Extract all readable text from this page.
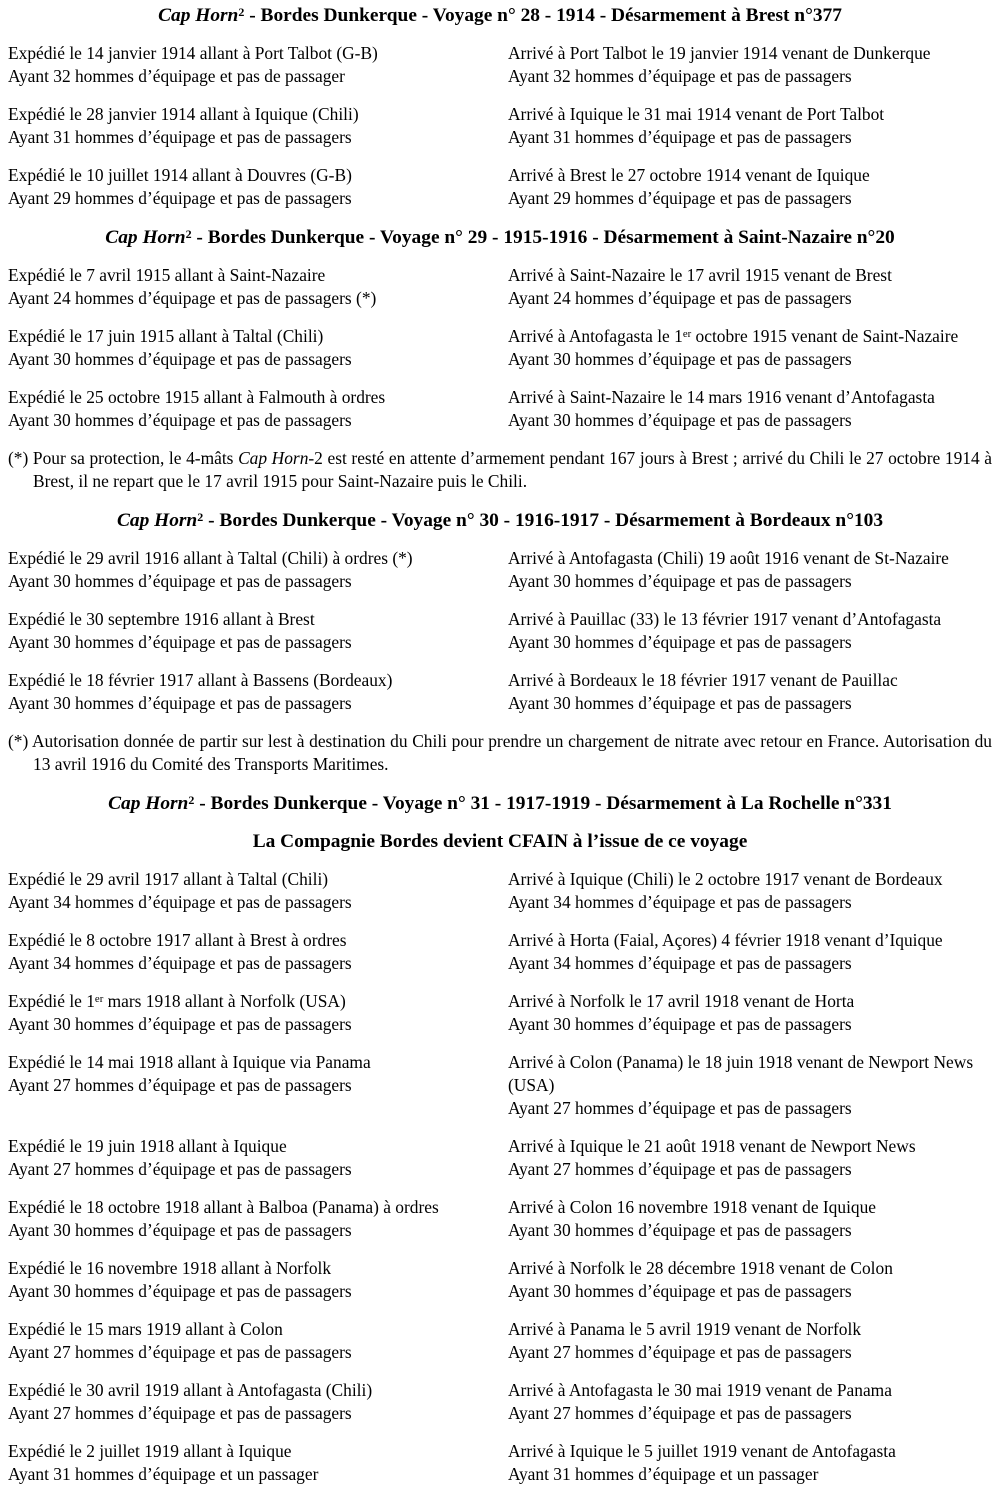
Cap Horn$^2$ - Bordes Dunkerque - Voyage n° 28 - 1914 - Désarmement à Brest n°377

Expédié le 14 janvier 1914 allant à Port Talbot (G-B)

Ayant 32 hommes d’équipage et pas de passager

Arrivé à Port Talbot le 19 janvier 1914 venant de Dunkerque

Ayant 32 hommes d’équipage et pas de passagers

Expédié le 28 janvier 1914 allant à Iquique (Chili)

Ayant 31 hommes d’équipage et pas de passagers

Arrivé à Iquique le 31 mai 1914 venant de Port Talbot

Ayant 31 hommes d’équipage et pas de passagers

Expédié le 10 juillet 1914 allant à Douvres (G-B)

Ayant 29 hommes d’équipage et pas de passagers

Arrivé à Brest le 27 octobre 1914 venant de Iquique

Ayant 29 hommes d’équipage et pas de passagers

Cap Horn$^2$ - Bordes Dunkerque - Voyage n° 29 - 1915-1916 - Désarmement à Saint-Nazaire n°20

Expédié le 7 avril 1915 allant à Saint-Nazaire

Ayant 24 hommes d’équipage et pas de passagers (*)

Arrivé à Saint-Nazaire le 17 avril 1915 venant de Brest

Ayant 24 hommes d’équipage et pas de passagers

Expédié le 17 juin 1915 allant à Taltal (Chili)

Ayant 30 hommes d’équipage et pas de passagers

Arrivé à Antofagasta le 1er octobre 1915 venant de Saint-Nazaire

Ayant 30 hommes d’équipage et pas de passagers

Expédié le 25 octobre 1915 allant à Falmouth à ordres

Ayant 30 hommes d’équipage et pas de passagers

Arrivé à Saint-Nazaire le 14 mars 1916 venant d’Antofagasta

Ayant 30 hommes d’équipage et pas de passagers

(*) Pour sa protection, le 4-mâts Cap Horn-2 est resté en attente d’armement pendant 167 jours à Brest ; arrivé du Chili le 27 octobre 1914 à Brest, il ne repart que le 17 avril 1915 pour Saint-Nazaire puis le Chili.

Cap Horn$^2$ - Bordes Dunkerque - Voyage n° 30 - 1916-1917 - Désarmement à Bordeaux n°103

Expédié le 29 avril 1916 allant à Taltal (Chili) à ordres (*)

Ayant 30 hommes d’équipage et pas de passagers

Arrivé à Antofagasta (Chili) 19 août 1916 venant de St-Nazaire

Ayant 30 hommes d’équipage et pas de passagers

Expédié le 30 septembre 1916 allant à Brest

Ayant 30 hommes d’équipage et pas de passagers

Arrivé à Pauillac (33) le 13 février 1917 venant d’Antofagasta

Ayant 30 hommes d’équipage et pas de passagers

Expédié le 18 février 1917 allant à Bassens (Bordeaux)

Ayant 30 hommes d’équipage et pas de passagers

Arrivé à Bordeaux le 18 février 1917 venant de Pauillac

Ayant 30 hommes d’équipage et pas de passagers

(*) Autorisation donnée de partir sur lest à destination du Chili pour prendre un chargement de nitrate avec retour en France. Autorisation du 13 avril 1916 du Comité des Transports Maritimes.

Cap Horn$^2$ - Bordes Dunkerque - Voyage n° 31 - 1917-1919 - Désarmement à La Rochelle n°331

La Compagnie Bordes devient CFAIN à l’issue de ce voyage

Expédié le 29 avril 1917 allant à Taltal (Chili)

Ayant 34 hommes d’équipage et pas de passagers

Arrivé à Iquique (Chili) le 2 octobre 1917 venant de Bordeaux

Ayant 34 hommes d’équipage et pas de passagers

Expédié le 8 octobre 1917 allant à Brest à ordres

Ayant 34 hommes d’équipage et pas de passagers

Arrivé à Horta (Faial, Açores) 4 février 1918 venant d’Iquique

Ayant 34 hommes d’équipage et pas de passagers

Expédié le 1er mars 1918 allant à Norfolk (USA)

Ayant 30 hommes d’équipage et pas de passagers

Arrivé à Norfolk le 17 avril 1918 venant de Horta

Ayant 30 hommes d’équipage et pas de passagers

Expédié le 14 mai 1918 allant à Iquique via Panama

Ayant 27 hommes d’équipage et pas de passagers

Arrivé à Colon (Panama) le 18 juin 1918 venant de Newport News (USA)

Ayant 27 hommes d’équipage et pas de passagers

Expédié le 19 juin 1918 allant à Iquique

Ayant 27 hommes d’équipage et pas de passagers

Arrivé à Iquique le 21 août 1918 venant de Newport News

Ayant 27 hommes d’équipage et pas de passagers

Expédié le 18 octobre 1918 allant à Balboa (Panama) à ordres

Ayant 30 hommes d’équipage et pas de passagers

Arrivé à Colon 16 novembre 1918 venant de Iquique

Ayant 30 hommes d’équipage et pas de passagers

Expédié le 16 novembre 1918 allant à Norfolk

Ayant 30 hommes d’équipage et pas de passagers

Arrivé à Norfolk le 28 décembre 1918 venant de Colon

Ayant 30 hommes d’équipage et pas de passagers

Expédié le 15 mars 1919 allant à Colon

Ayant 27 hommes d’équipage et pas de passagers

Arrivé à Panama le 5 avril 1919 venant de Norfolk

Ayant 27 hommes d’équipage et pas de passagers

Expédié le 30 avril 1919 allant à Antofagasta (Chili)

Ayant 27 hommes d’équipage et pas de passagers

Arrivé à Antofagasta le 30 mai 1919 venant de Panama

Ayant 27 hommes d’équipage et pas de passagers

Expédié le 2 juillet 1919 allant à Iquique

Ayant 31 hommes d’équipage et un passager

Arrivé à Iquique le 5 juillet 1919 venant de Antofagasta

Ayant 31 hommes d’équipage et un passager
